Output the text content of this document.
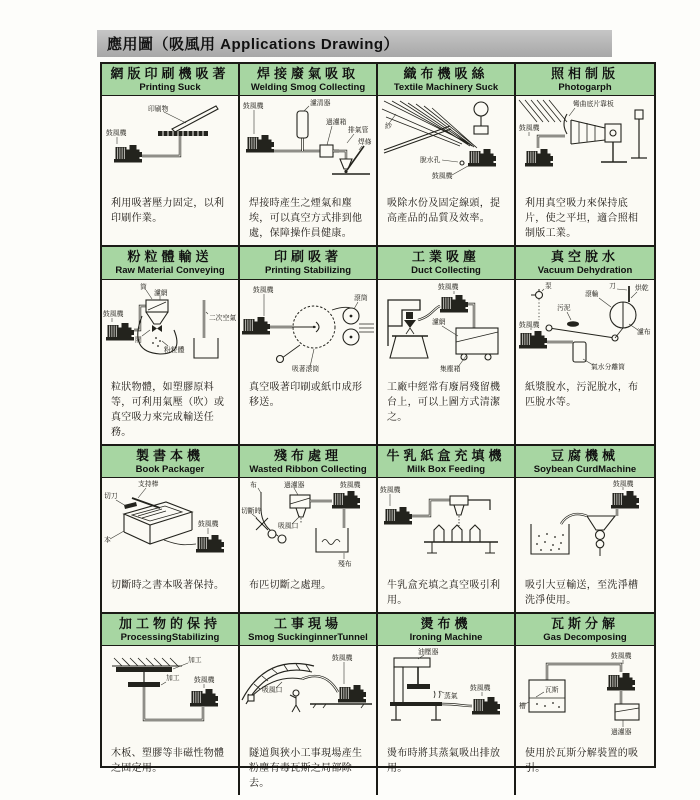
應用圖（吸風用 Applications Drawing）
網版印刷機吸著
Printing Suck
印刷物
鼓風機
利用吸著壓力固定，以利印刷作業。
焊接廢氣吸取
Welding Smog Collecting
濾清器
鼓風機
過濾箱
排氣管
焊條
焊接時產生之煙氣和塵埃，可以真空方式排到他處，保障操作員健康。
織布機吸絲
Textile Machinery Suck
紗
脫水孔
鼓風機
吸除水份及固定線頭，提高產品的品質及效率。
照相制版
Photogarph
彎曲底片靠板
鼓風機
利用真空吸力來保持底片，使之平坦，適合照相制版工業。
粉粒體輸送
Raw Material Conveying
筒
濾網
鼓風機
閥
粉粒體
二次空氣
粒狀物體，如塑膠原料等，可利用氣壓（吹）或真空吸力來完成輸送任務。
印刷吸著
Printing Stabilizing
鼓風機
滾筒
吸著滾筒
真空吸著印刷或紙巾成形移送。
工業吸塵
Duct Collecting
鼓風機
濾網
集塵箱
工廠中經常有廢屑殘留機台上，可以上圖方式清潔之。
真空脫水
Vacuum Dehydration
泵
污泥
滾輪
刀	烘乾
濾布
鼓風機
氣水分離筒
紙漿脫水，污泥脫水，布匹脫水等。
製書本機
Book Packager
支持棒
切刀
本
鼓風機
切斷時之書本吸著保持。
殘布處理
Wasted Ribbon Collecting
布
切斷時
過濾器	鼓風機
吸風口
殘布
布匹切斷之處理。
牛乳紙盒充填機
Milk Box Feeding
鼓風機
牛乳盒充填之真空吸引利用。
豆腐機械
Soybean CurdMachine
鼓風機
吸引大豆輸送，至洗淨槽洗淨使用。
加工物的保持
ProcessingStabilizing
加工
加工 鼓風機
木板、塑膠等非磁性物體之固定用。
工事現場
Smog SuckinginnerTunnel
吸風口
鼓風機
隧道與狹小工事現場產生粉塵有毒瓦斯之局部除去。
燙布機
Ironing Machine
油壓器
蒸氣
鼓風機
燙布時將其蒸氣吸出排放用。
瓦斯分解
Gas Decomposing
瓦斯
槽
鼓風機
過濾器
使用於瓦斯分解裝置的吸引。
